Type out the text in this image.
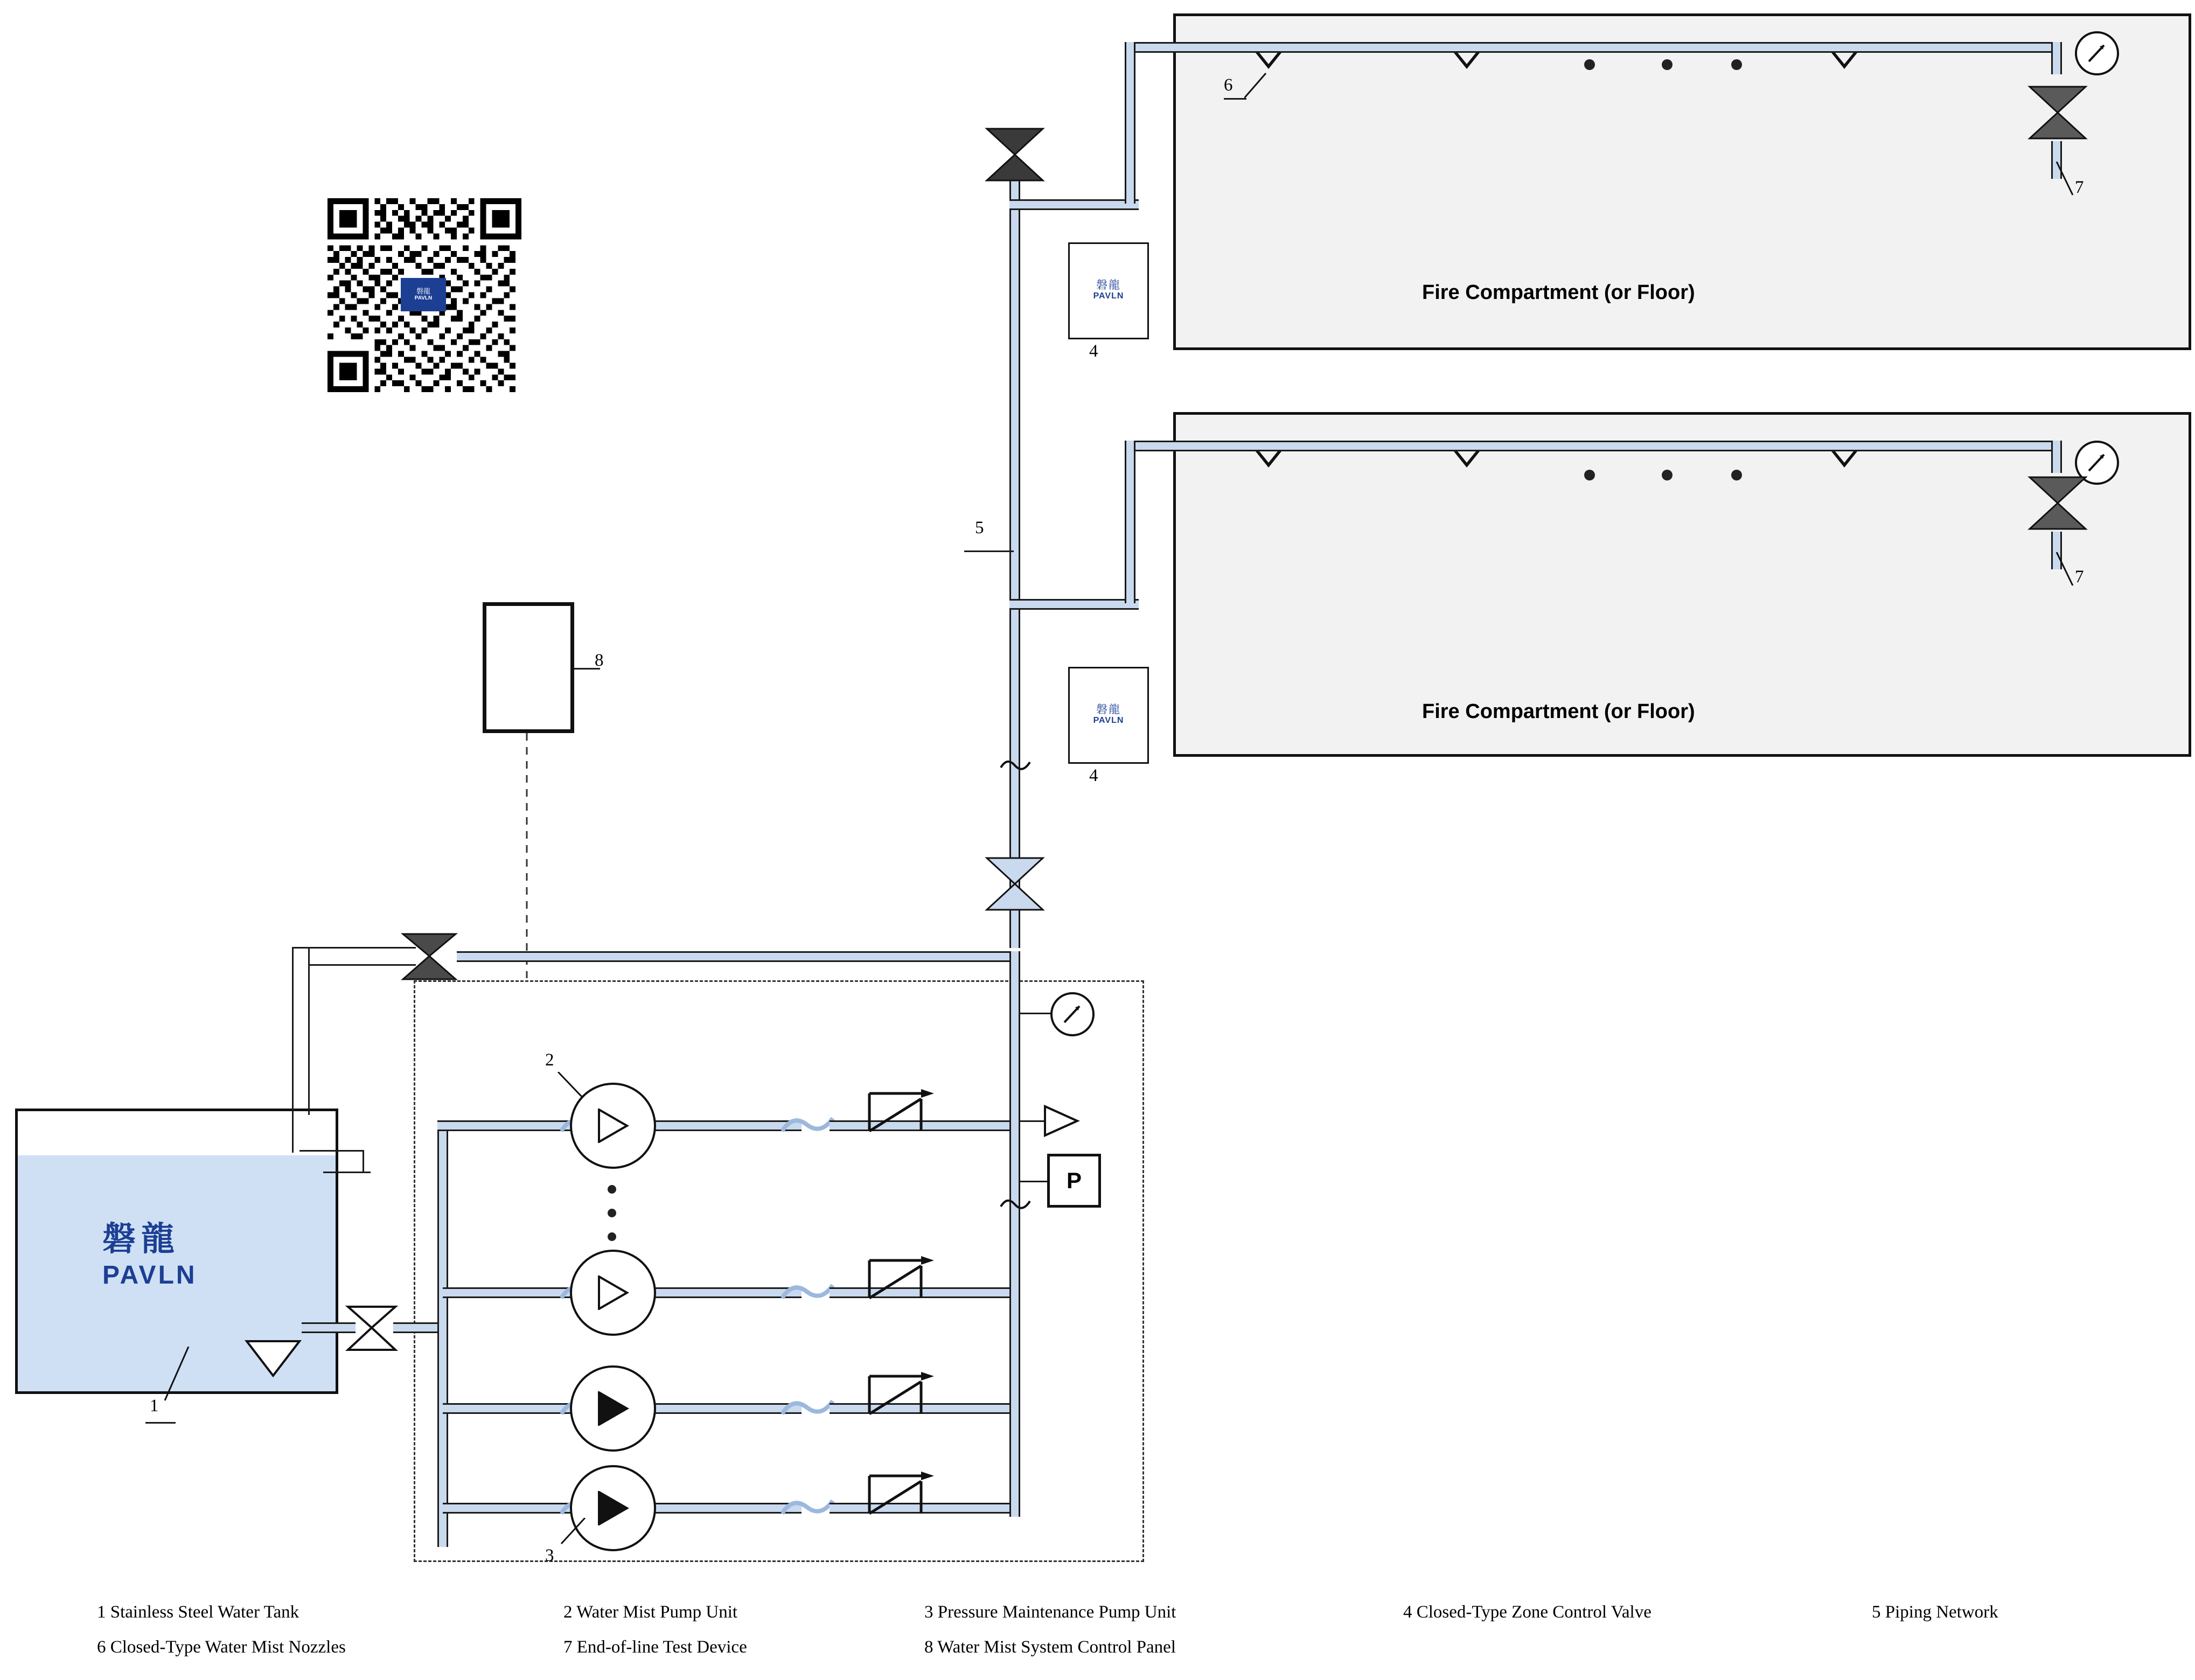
磐龍
PAVLN	Fire Compartment (or Floor)
6
7
Fire Compartment (or Floor)
7
5
磐龍
PAVLN
4
磐龍
PAVLN
4
8
磐龍
PAVLN
1
2
3
P
1 Stainless Steel Water Tank	2 Water Mist Pump Unit	3 Pressure Maintenance Pump Unit	4 Closed-Type Zone Control Valve	5 Piping Network
6 Closed-Type Water Mist Nozzles	7 End-of-line Test Device	8 Water Mist System Control Panel
